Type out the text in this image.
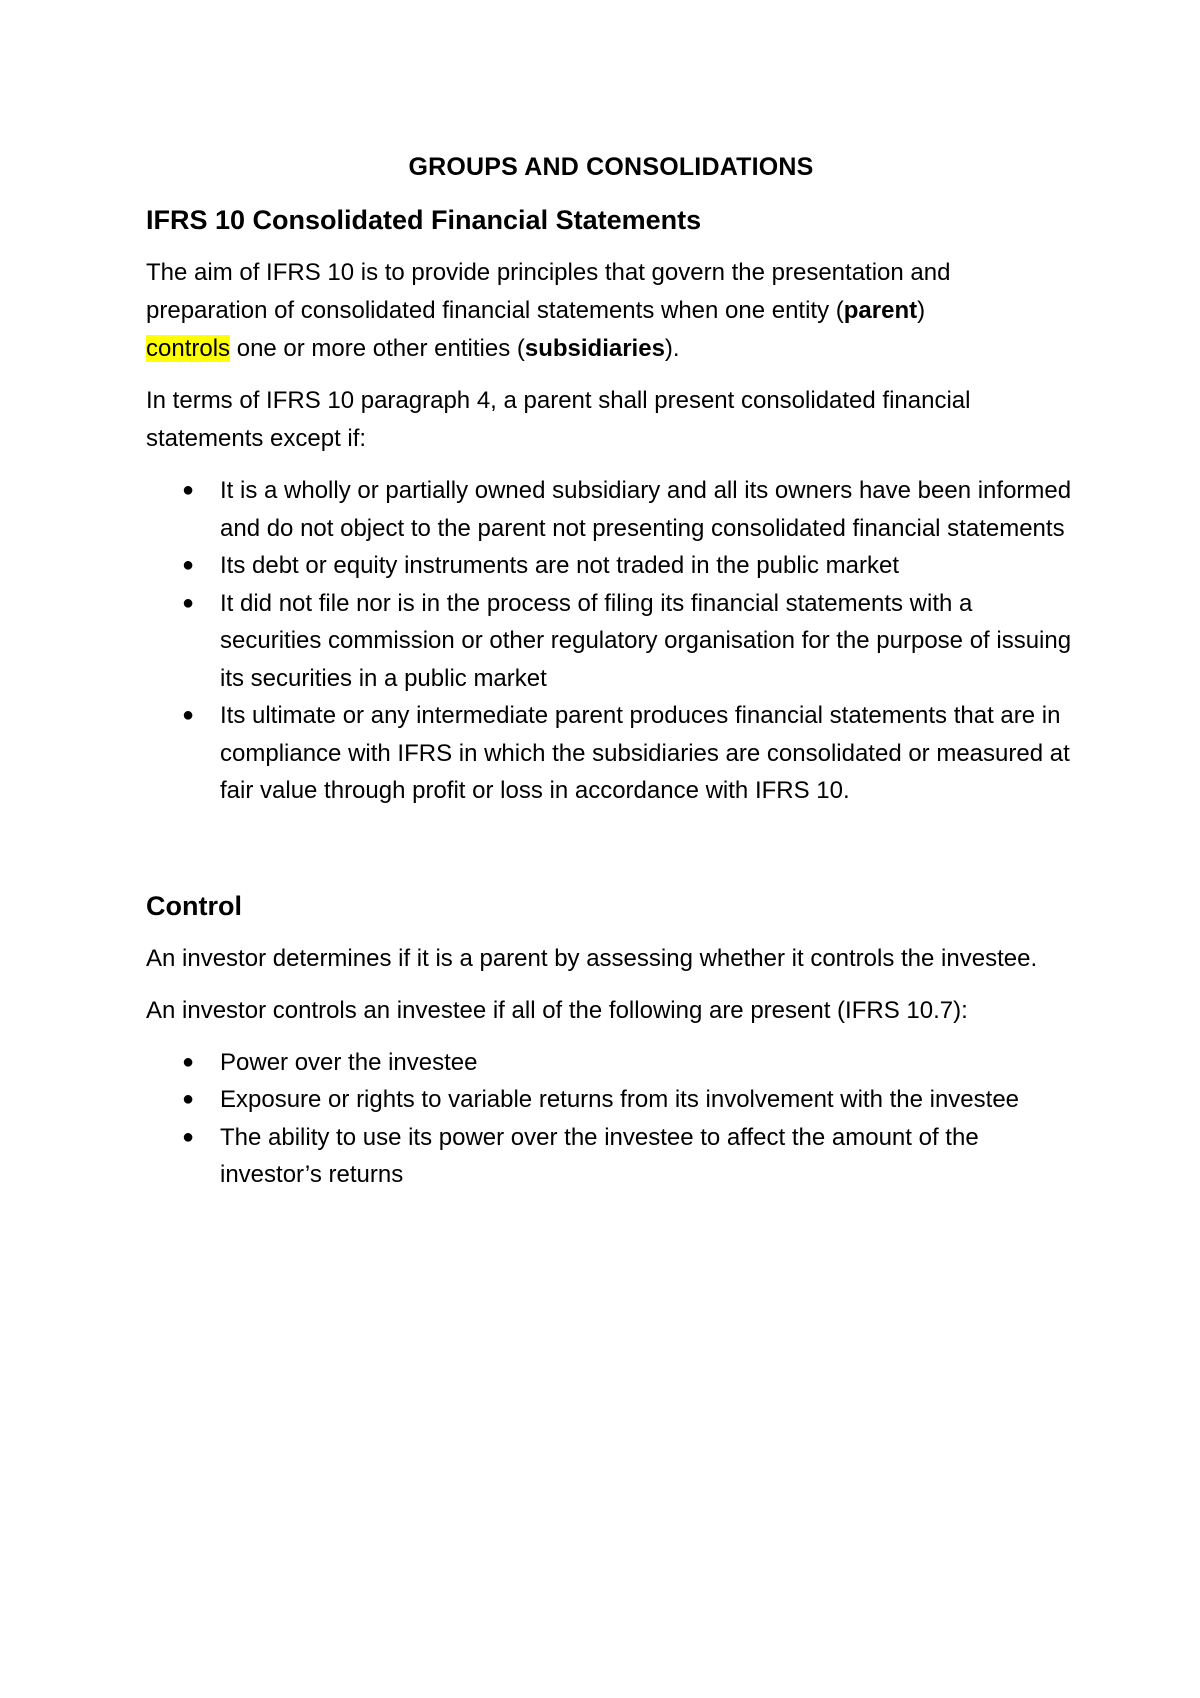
GROUPS AND CONSOLIDATIONS
IFRS 10 Consolidated Financial Statements

The aim of IFRS 10 is to provide principles that govern the presentation and preparation of consolidated financial statements when one entity (parent)
controls one or more other entities (subsidiaries).

In terms of IFRS 10 paragraph 4, a parent shall present consolidated financial statements except if:

● It is a wholly or partially owned subsidiary and all its owners have been informed and do not object to the parent not presenting consolidated financial statements
● Its debt or equity instruments are not traded in the public market
● It did not file nor is in the process of filing its financial statements with a securities commission or other regulatory organisation for the purpose of issuing its securities in a public market
● Its ultimate or any intermediate parent produces financial statements that are in compliance with IFRS in which the subsidiaries are consolidated or measured at fair value through profit or loss in accordance with IFRS 10.
Control

An investor determines if it is a parent by assessing whether it controls the investee.

An investor controls an investee if all of the following are present (IFRS 10.7):

● Power over the investee
● Exposure or rights to variable returns from its involvement with the investee
● The ability to use its power over the investee to affect the amount of the investor’s returns
